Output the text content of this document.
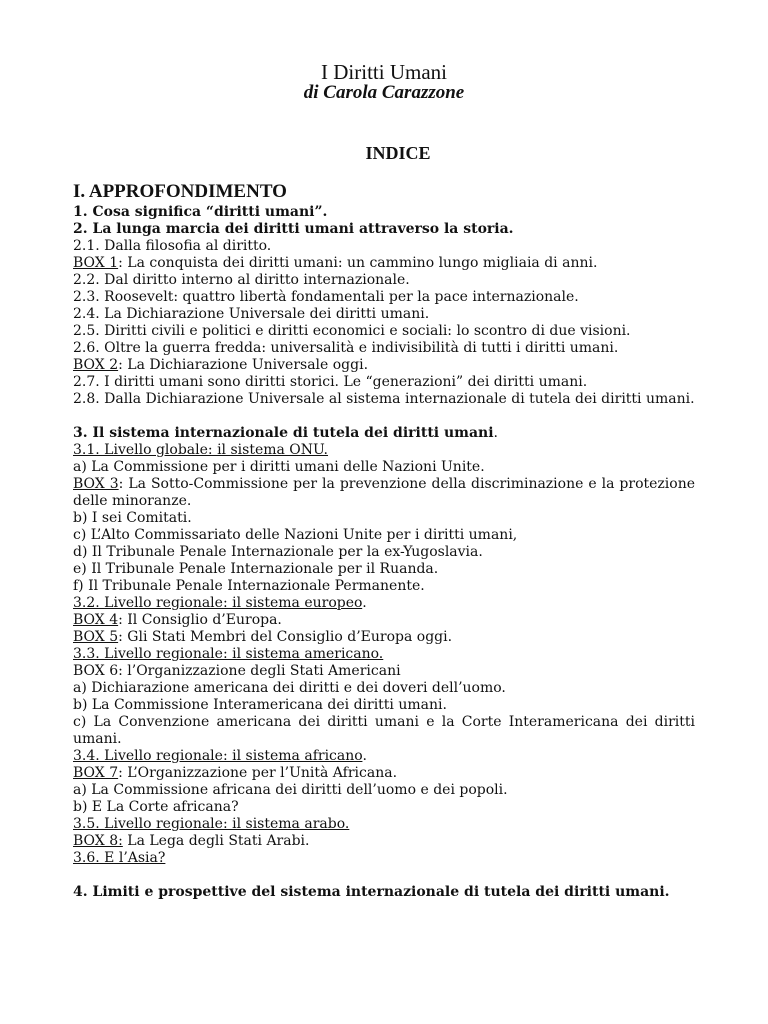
I Diritti Umani
di Carola Carazzone
INDICE
I. APPROFONDIMENTO

1. Cosa significa “diritti umani”.

2. La lunga marcia dei diritti umani attraverso la storia.

2.1. Dalla filosofia al diritto.

BOX 1: La conquista dei diritti umani: un cammino lungo migliaia di anni.

2.2. Dal diritto interno al diritto internazionale.

2.3. Roosevelt: quattro libertà fondamentali per la pace internazionale.

2.4. La Dichiarazione Universale dei diritti umani.

2.5. Diritti civili e politici e diritti economici e sociali: lo scontro di due visioni.

2.6. Oltre la guerra fredda: universalità e indivisibilità di tutti i diritti umani.

BOX 2: La Dichiarazione Universale oggi.

2.7. I diritti umani sono diritti storici. Le “generazioni” dei diritti umani.

2.8. Dalla Dichiarazione Universale al sistema internazionale di tutela dei diritti umani.

3. Il sistema internazionale di tutela dei diritti umani.

3.1. Livello globale: il sistema ONU.

a) La Commissione per i diritti umani delle Nazioni Unite.

BOX 3: La Sotto-Commissione per la prevenzione della discriminazione e la protezione delle minoranze.

b) I sei Comitati.

c) L’Alto Commissariato delle Nazioni Unite per i diritti umani,

d) Il Tribunale Penale Internazionale per la ex-Yugoslavia.

e) Il Tribunale Penale Internazionale per il Ruanda.

f) Il Tribunale Penale Internazionale Permanente.

3.2. Livello regionale: il sistema europeo.

BOX 4: Il Consiglio d’Europa.

BOX 5: Gli Stati Membri del Consiglio d’Europa oggi.

3.3. Livello regionale: il sistema americano.

BOX 6: l’Organizzazione degli Stati Americani

a) Dichiarazione americana dei diritti e dei doveri dell’uomo.

b) La Commissione Interamericana dei diritti umani.

c) La Convenzione americana dei diritti umani e la Corte Interamericana dei diritti umani.

3.4. Livello regionale: il sistema africano.

BOX 7: L’Organizzazione per l’Unità Africana.

a) La Commissione africana dei diritti dell’uomo e dei popoli.

b) E La Corte africana?

3.5. Livello regionale: il sistema arabo.

BOX 8: La Lega degli Stati Arabi.

3.6. E l’Asia?

4. Limiti e prospettive del sistema internazionale di tutela dei diritti umani.
